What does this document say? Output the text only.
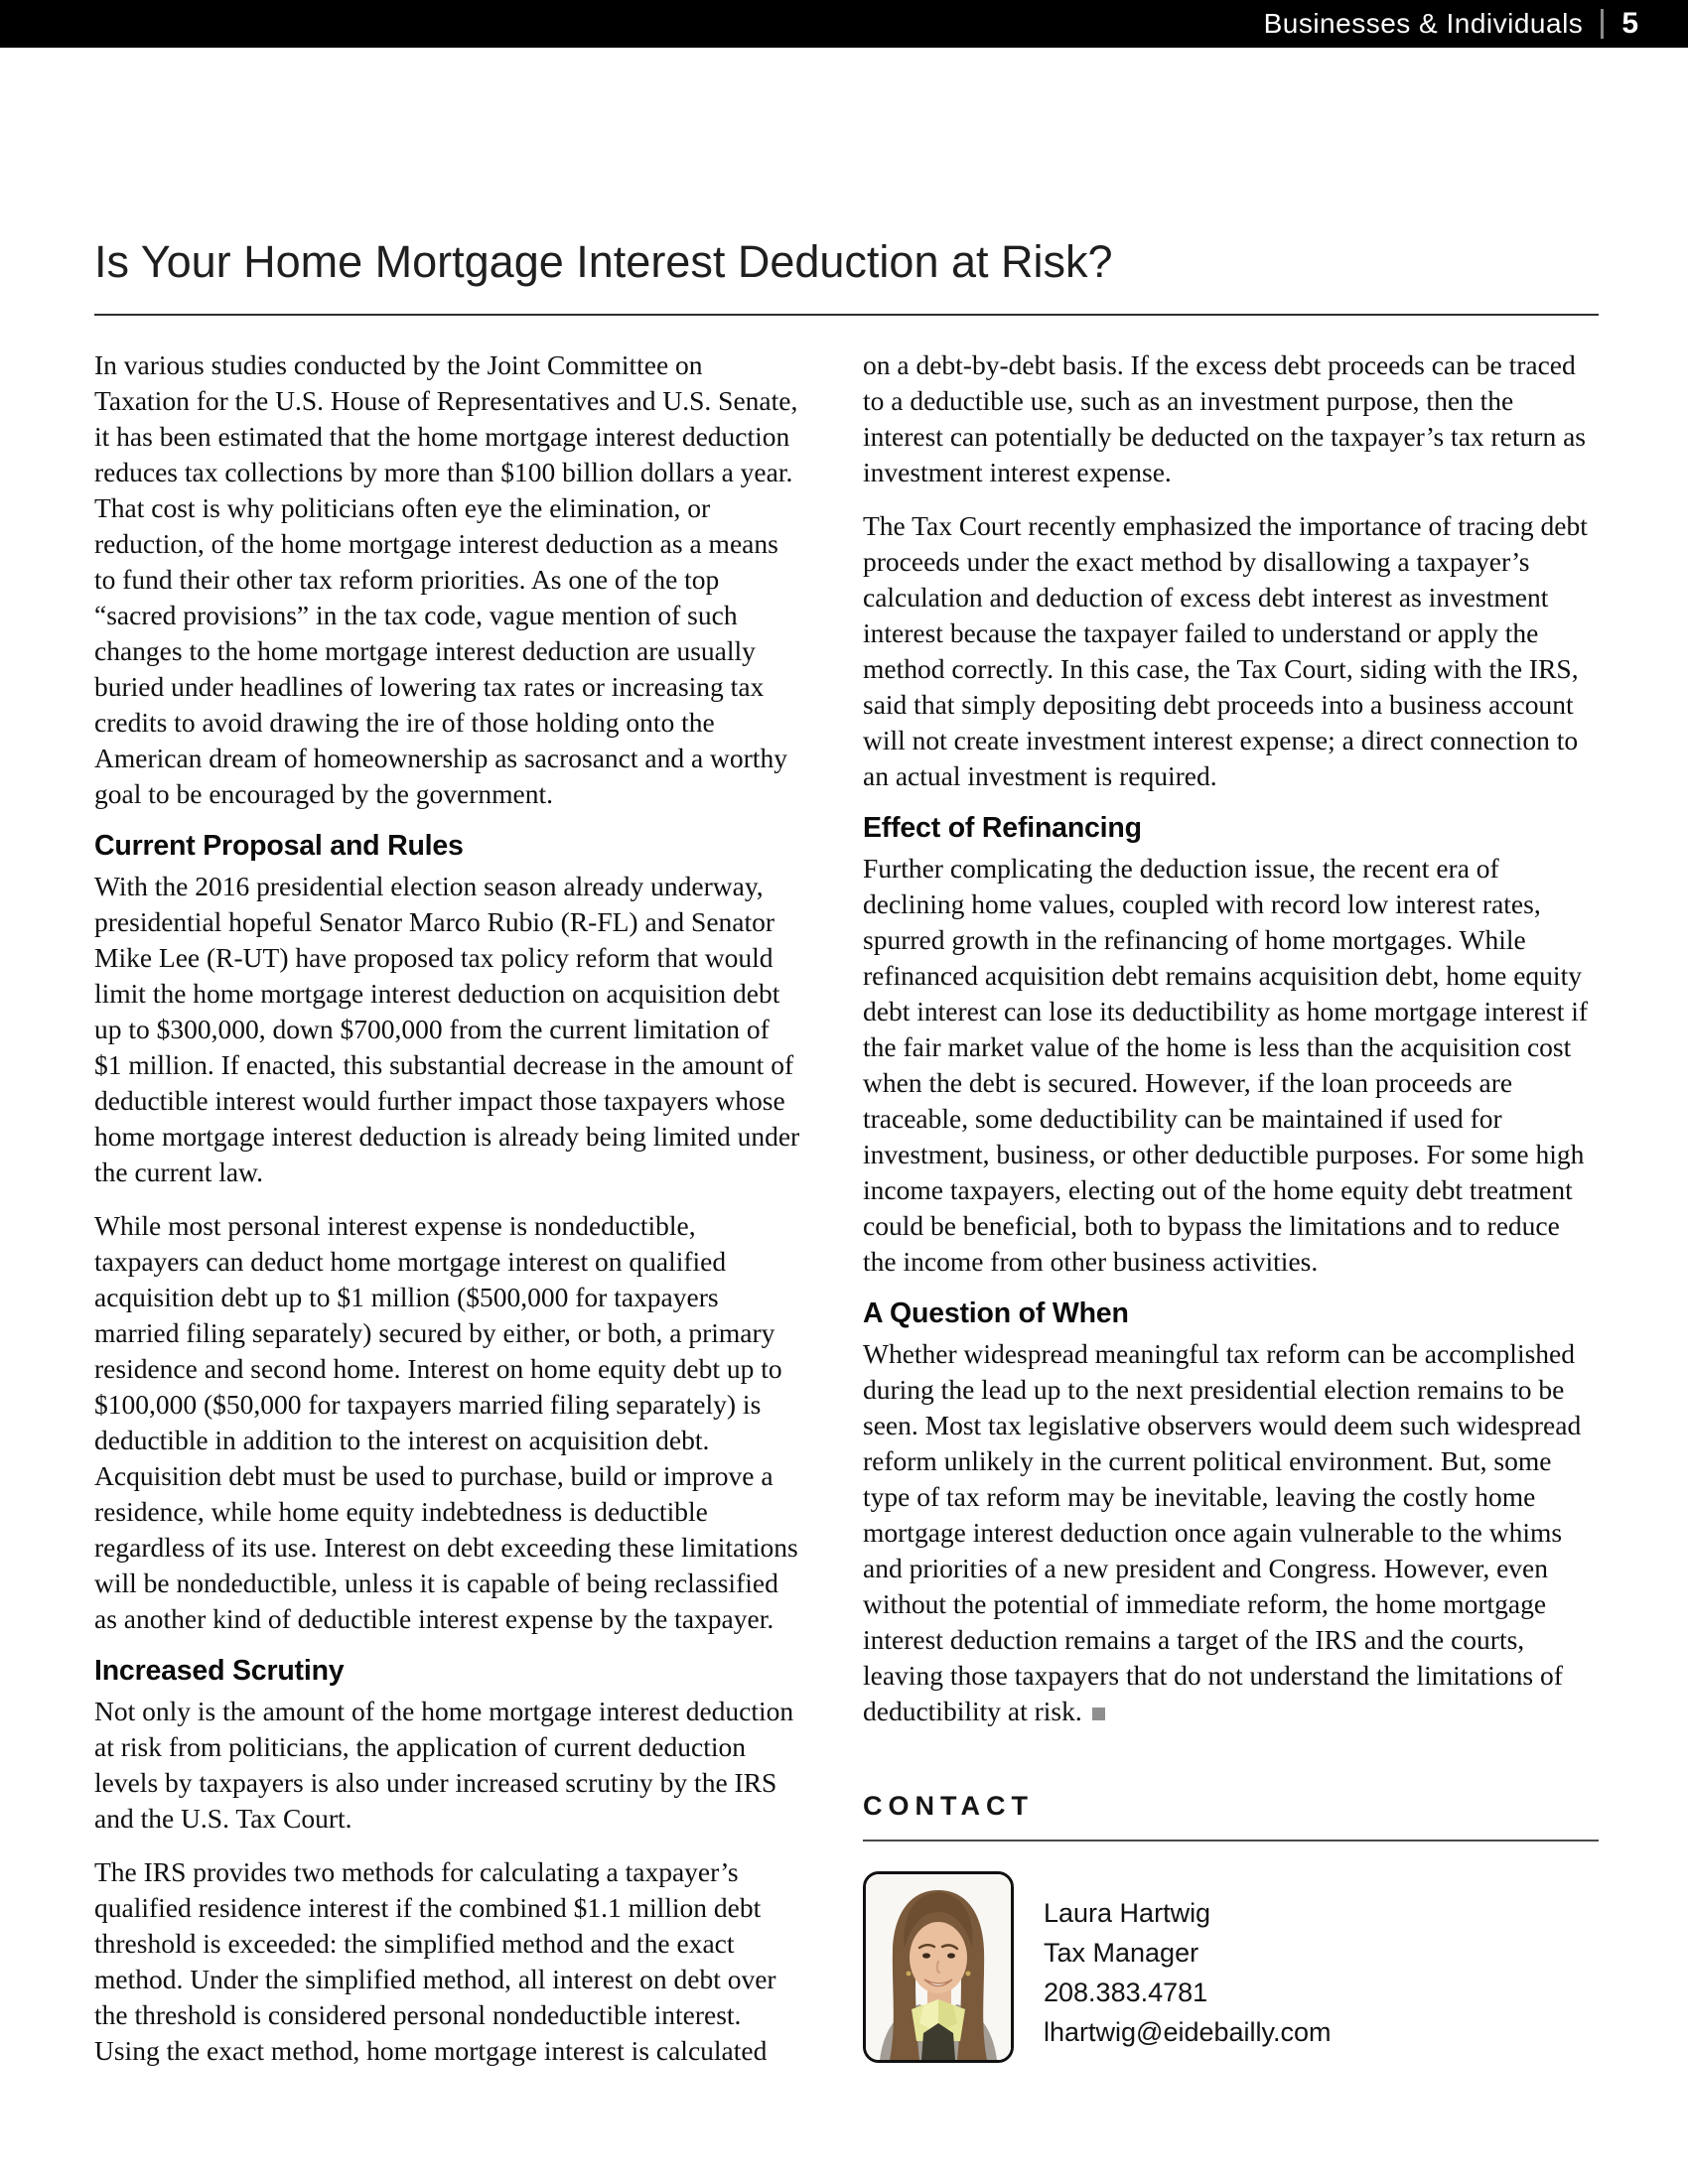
Businesses & Individuals 5
Is Your Home Mortgage Interest Deduction at Risk?

In various studies conducted by the Joint Committee on Taxation for the U.S. House of Representatives and U.S. Senate, it has been estimated that the home mortgage interest deduction reduces tax collections by more than $100 billion dollars a year. That cost is why politicians often eye the elimination, or reduction, of the home mortgage interest deduction as a means to fund their other tax reform priorities. As one of the top “sacred provisions” in the tax code, vague mention of such changes to the home mortgage interest deduction are usually buried under headlines of lowering tax rates or increasing tax credits to avoid drawing the ire of those holding onto the American dream of homeownership as sacrosanct and a worthy goal to be encouraged by the government.

Current Proposal and Rules

With the 2016 presidential election season already underway, presidential hopeful Senator Marco Rubio (R-FL) and Senator Mike Lee (R-UT) have proposed tax policy reform that would limit the home mortgage interest deduction on acquisition debt up to $300,000, down $700,000 from the current limitation of $1 million. If enacted, this substantial decrease in the amount of deductible interest would further impact those taxpayers whose home mortgage interest deduction is already being limited under the current law.

While most personal interest expense is nondeductible, taxpayers can deduct home mortgage interest on qualified acquisition debt up to $1 million ($500,000 for taxpayers married filing separately) secured by either, or both, a primary residence and second home. Interest on home equity debt up to $100,000 ($50,000 for taxpayers married filing separately) is deductible in addition to the interest on acquisition debt. Acquisition debt must be used to purchase, build or improve a residence, while home equity indebtedness is deductible regardless of its use. Interest on debt exceeding these limitations will be nondeductible, unless it is capable of being reclassified as another kind of deductible interest expense by the taxpayer.

Increased Scrutiny

Not only is the amount of the home mortgage interest deduction at risk from politicians, the application of current deduction levels by taxpayers is also under increased scrutiny by the IRS and the U.S. Tax Court.

The IRS provides two methods for calculating a taxpayer’s qualified residence interest if the combined $1.1 million debt threshold is exceeded: the simplified method and the exact method. Under the simplified method, all interest on debt over the threshold is considered personal nondeductible interest. Using the exact method, home mortgage interest is calculated

on a debt-by-debt basis. If the excess debt proceeds can be traced to a deductible use, such as an investment purpose, then the interest can potentially be deducted on the taxpayer’s tax return as investment interest expense.

The Tax Court recently emphasized the importance of tracing debt proceeds under the exact method by disallowing a taxpayer’s calculation and deduction of excess debt interest as investment interest because the taxpayer failed to understand or apply the method correctly. In this case, the Tax Court, siding with the IRS, said that simply depositing debt proceeds into a business account will not create investment interest expense; a direct connection to an actual investment is required.

Effect of Refinancing

Further complicating the deduction issue, the recent era of declining home values, coupled with record low interest rates, spurred growth in the refinancing of home mortgages. While refinanced acquisition debt remains acquisition debt, home equity debt interest can lose its deductibility as home mortgage interest if the fair market value of the home is less than the acquisition cost when the debt is secured. However, if the loan proceeds are traceable, some deductibility can be maintained if used for investment, business, or other deductible purposes. For some high income taxpayers, electing out of the home equity debt treatment could be beneficial, both to bypass the limitations and to reduce the income from other business activities.

A Question of When

Whether widespread meaningful tax reform can be accomplished during the lead up to the next presidential election remains to be seen. Most tax legislative observers would deem such widespread reform unlikely in the current political environment. But, some type of tax reform may be inevitable, leaving the costly home mortgage interest deduction once again vulnerable to the whims and priorities of a new president and Congress. However, even without the potential of immediate reform, the home mortgage interest deduction remains a target of the IRS and the courts, leaving those taxpayers that do not understand the limitations of deductibility at risk.

CONTACT
Laura Hartwig
Tax Manager
208.383.4781
lhartwig@eidebailly.com
